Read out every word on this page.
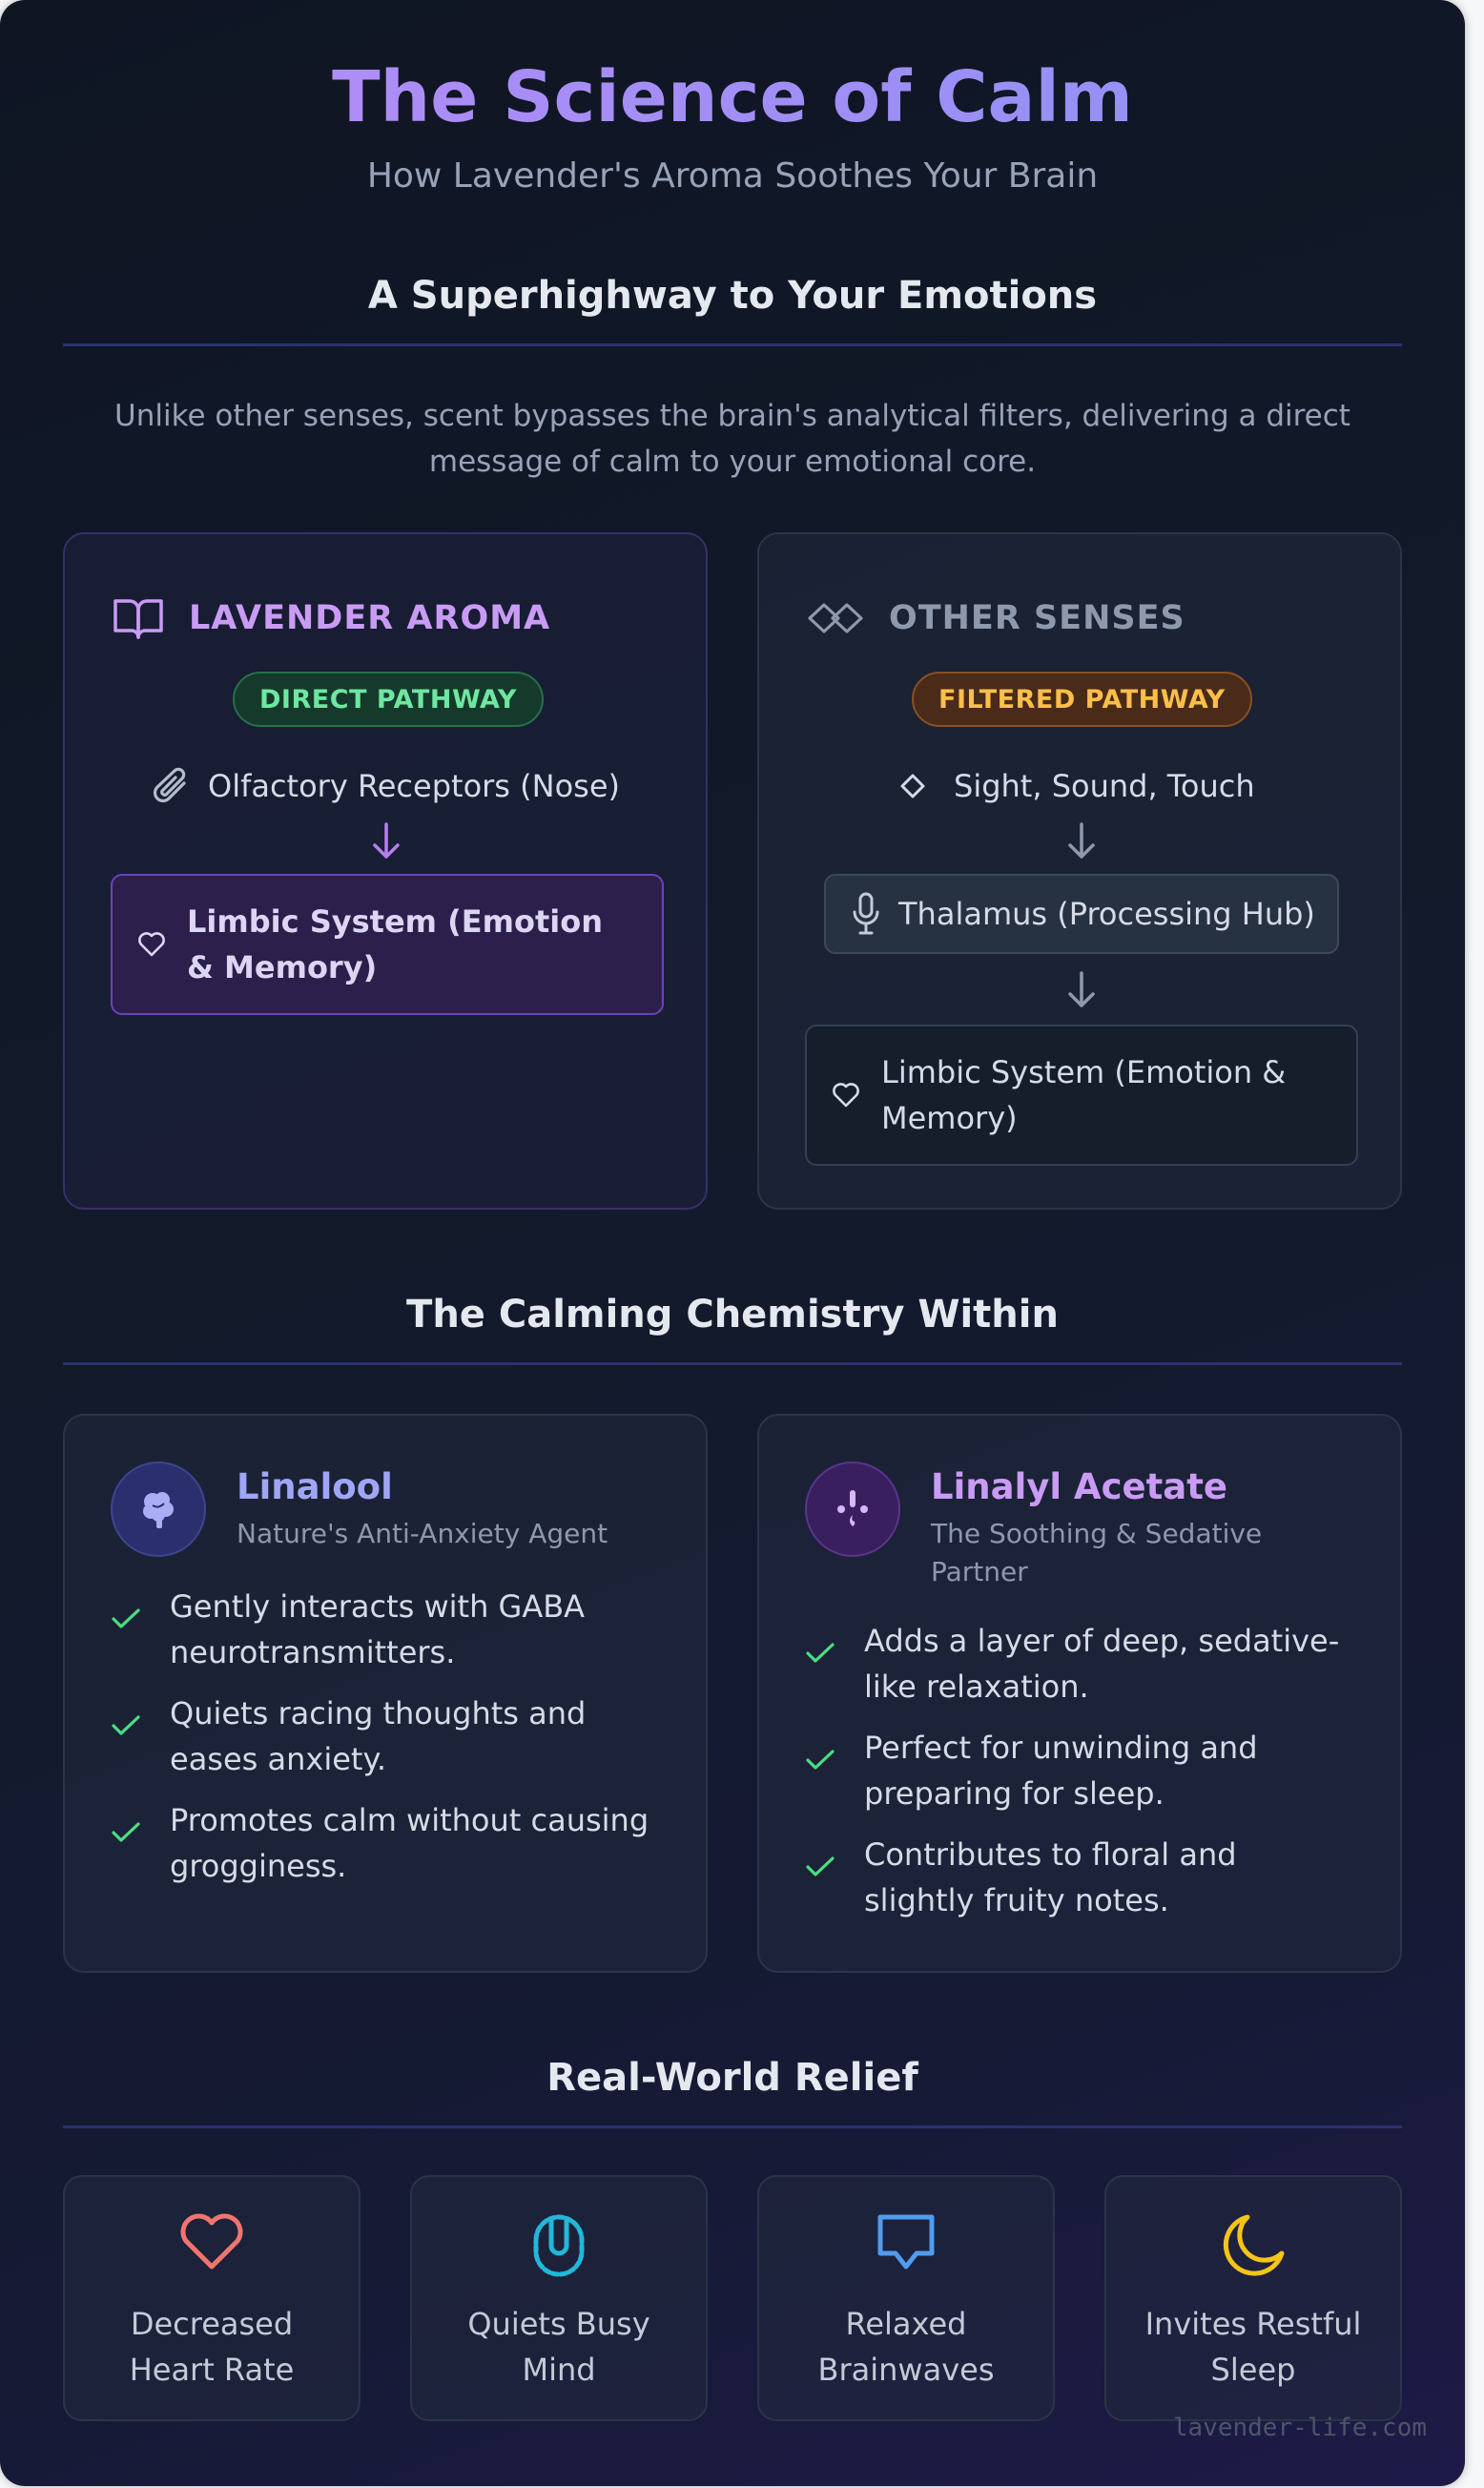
The Science of Calm
How Lavender's Aroma Soothes Your Brain
A Superhighway to Your Emotions
Unlike other senses, scent bypasses the brain's analytical filters, delivering a direct
message of calm to your emotional core.
LAVENDER AROMA
DIRECT PATHWAY
Olfactory Receptors (Nose)
Limbic System (Emotion
& Memory)
OTHER SENSES
FILTERED PATHWAY
Sight, Sound, Touch
Thalamus (Processing Hub)
Limbic System (Emotion &
Memory)
The Calming Chemistry Within
Linalool
Nature's Anti-Anxiety Agent
Gently interacts with GABA
neurotransmitters.
Quiets racing thoughts and
eases anxiety.
Promotes calm without causing
grogginess.
Linalyl Acetate
The Soothing & Sedative
Partner
Adds a layer of deep, sedative-
like relaxation.
Perfect for unwinding and
preparing for sleep.
Contributes to floral and
slightly fruity notes.
Real-World Relief
Decreased
Heart Rate
Quiets Busy
Mind
Relaxed
Brainwaves
Invites Restful
Sleep
lavender-life.com
